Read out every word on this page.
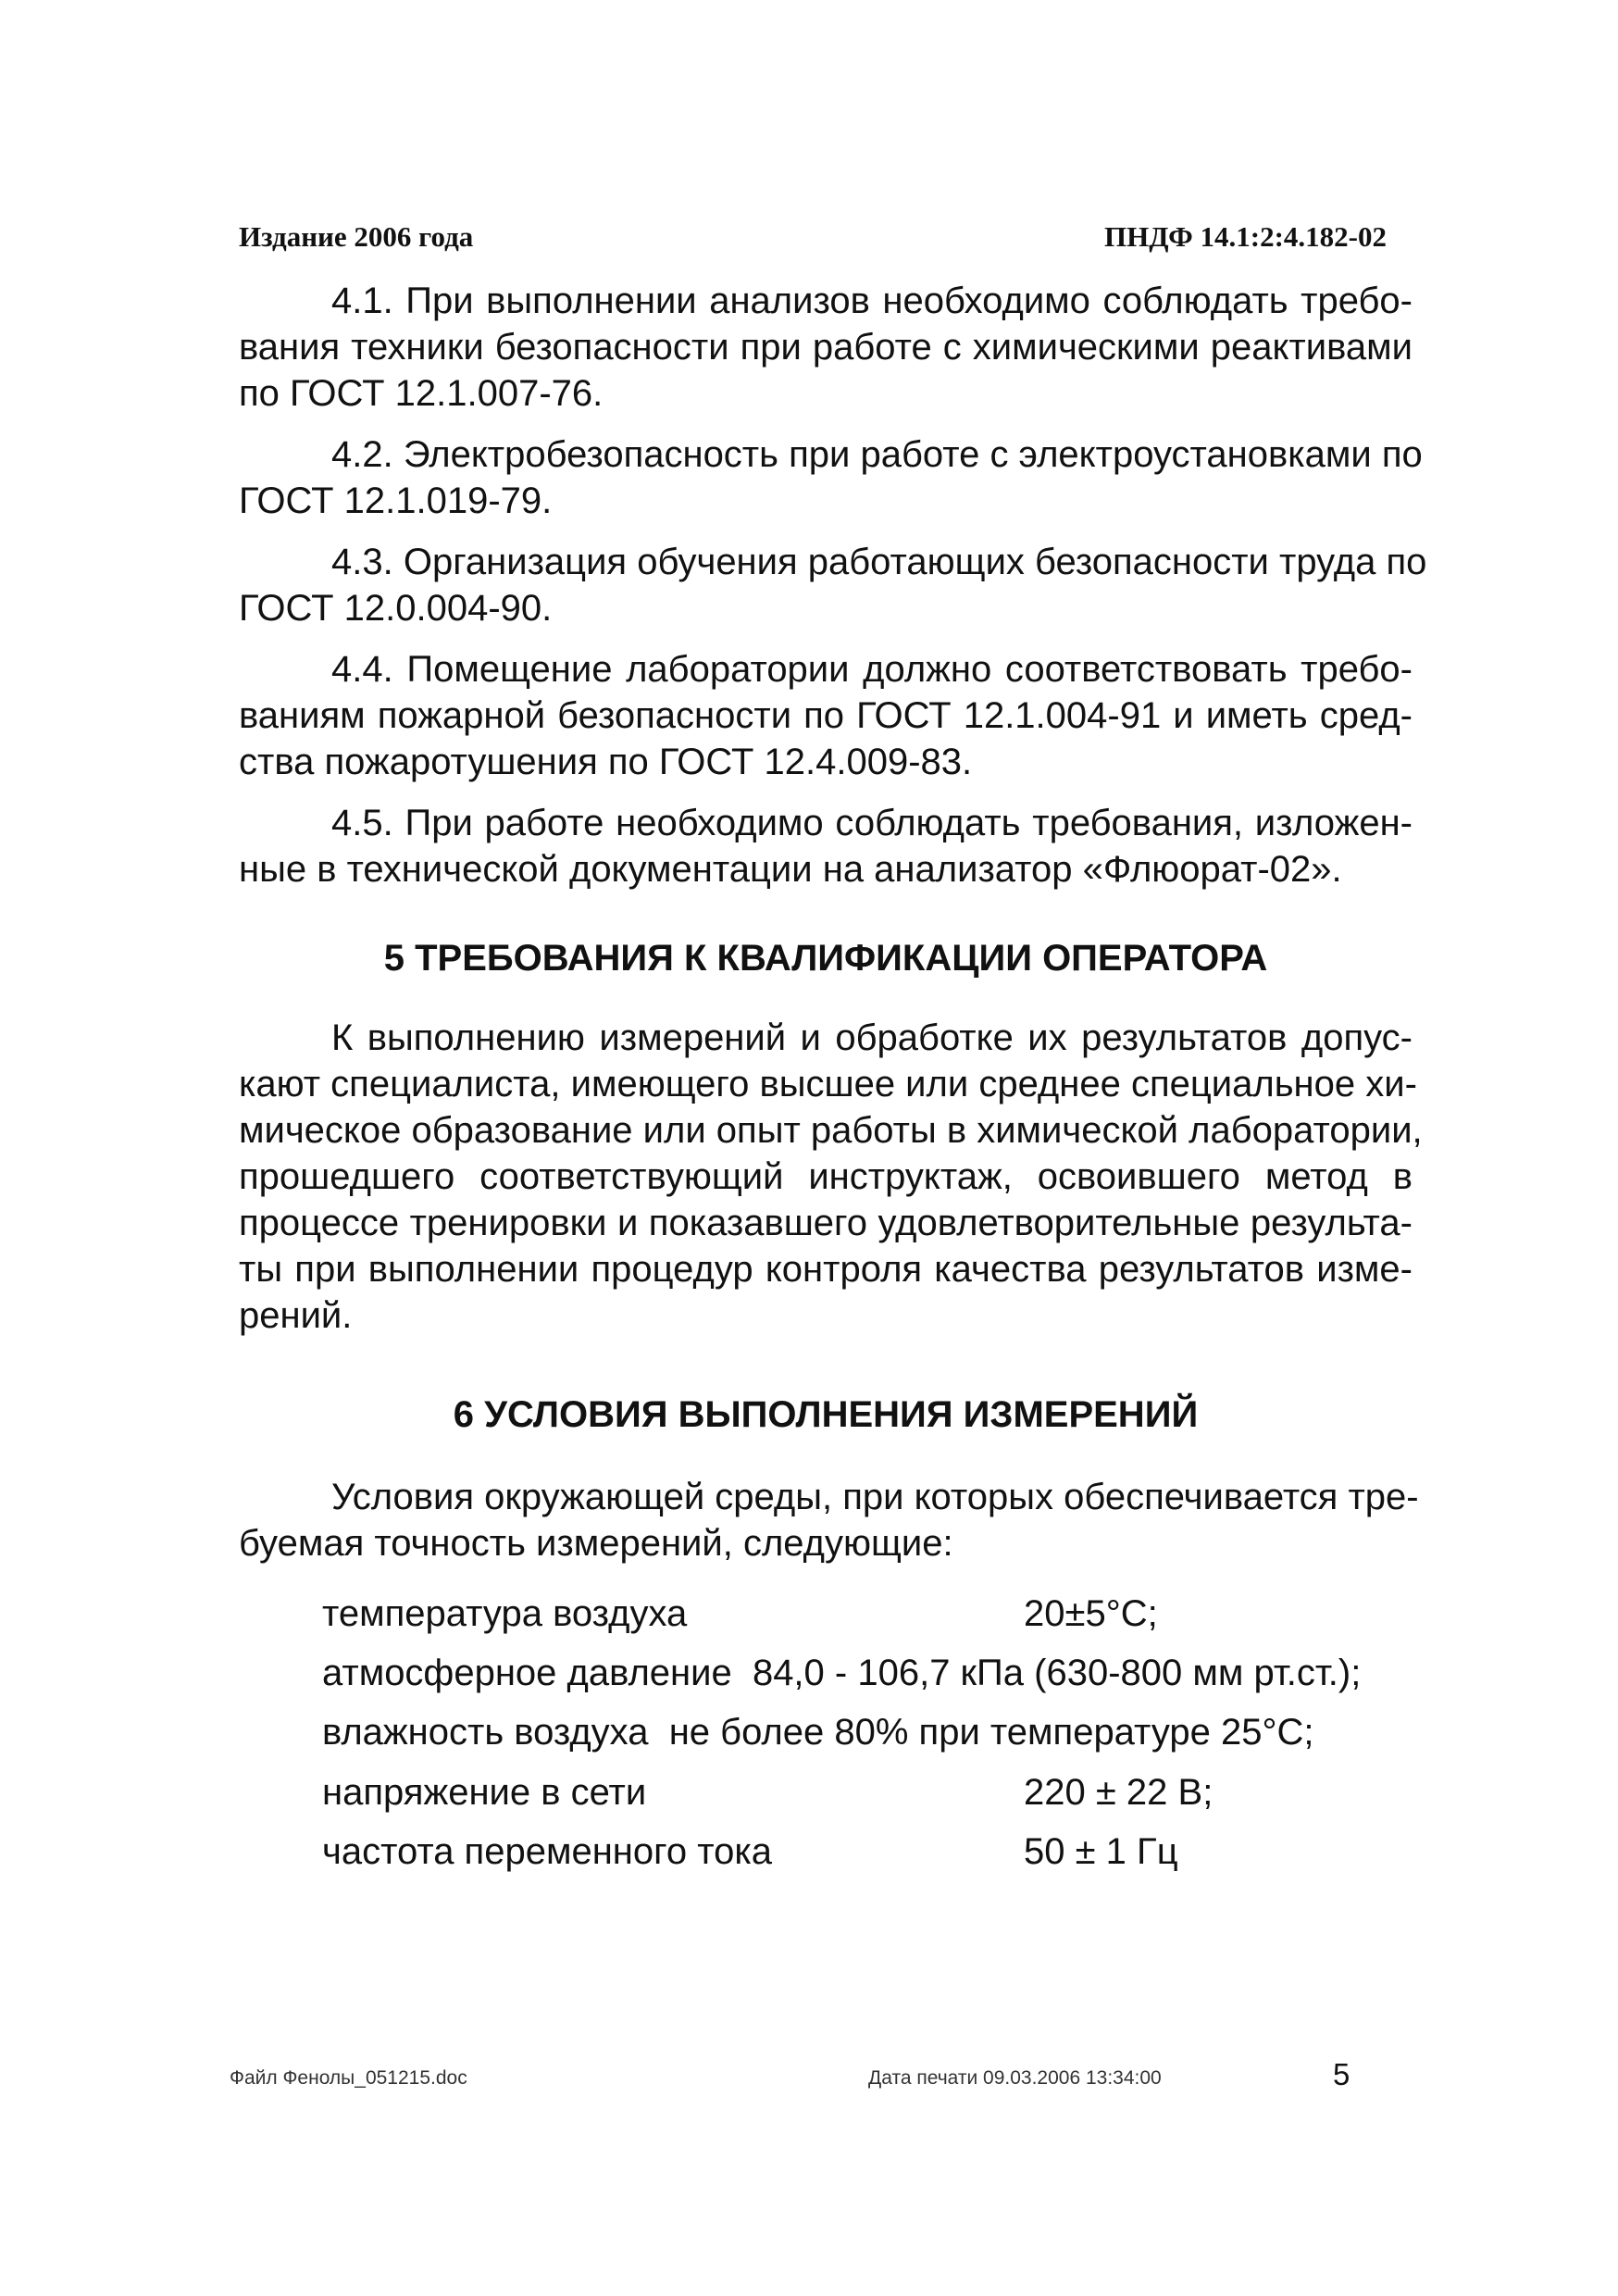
Издание 2006 года	ПНДФ 14.1:2:4.182-02
4.1. При выполнении анализов необходимо соблюдать требо-
вания техники безопасности при работе с химическими реактивами
по ГОСТ 12.1.007-76.
4.2. Электробезопасность при работе с электроустановками по
ГОСТ 12.1.019-79.
4.3. Организация обучения работающих безопасности труда по
ГОСТ 12.0.004-90.
4.4. Помещение лаборатории должно соответствовать требо-
ваниям пожарной безопасности по ГОСТ 12.1.004-91 и иметь сред-
ства пожаротушения по ГОСТ 12.4.009-83.
4.5. При работе необходимо соблюдать требования, изложен-
ные в технической документации на анализатор «Флюорат-02».
5 ТРЕБОВАНИЯ К КВАЛИФИКАЦИИ ОПЕРАТОРА
К выполнению измерений и обработке их результатов допус-
кают специалиста, имеющего высшее или среднее специальное хи-
мическое образование или опыт работы в химической лаборатории,
прошедшего соответствующий инструктаж, освоившего метод в
процессе тренировки и показавшего удовлетворительные результа-
ты при выполнении процедур контроля качества результатов изме-
рений.
6 УСЛОВИЯ ВЫПОЛНЕНИЯ ИЗМЕРЕНИЙ
Условия окружающей среды, при которых обеспечивается тре-
буемая точность измерений, следующие:
температура воздуха	20±5°С;
атмосферное давление  84,0 - 106,7 кПа (630-800 мм рт.ст.);
влажность воздуха  не более 80% при температуре 25°С;
напряжение в сети	220 ± 22 В;
частота переменного тока	50 ± 1 Гц
Файл Фенолы_051215.doc	Дата печати 09.03.2006 13:34:00	5
